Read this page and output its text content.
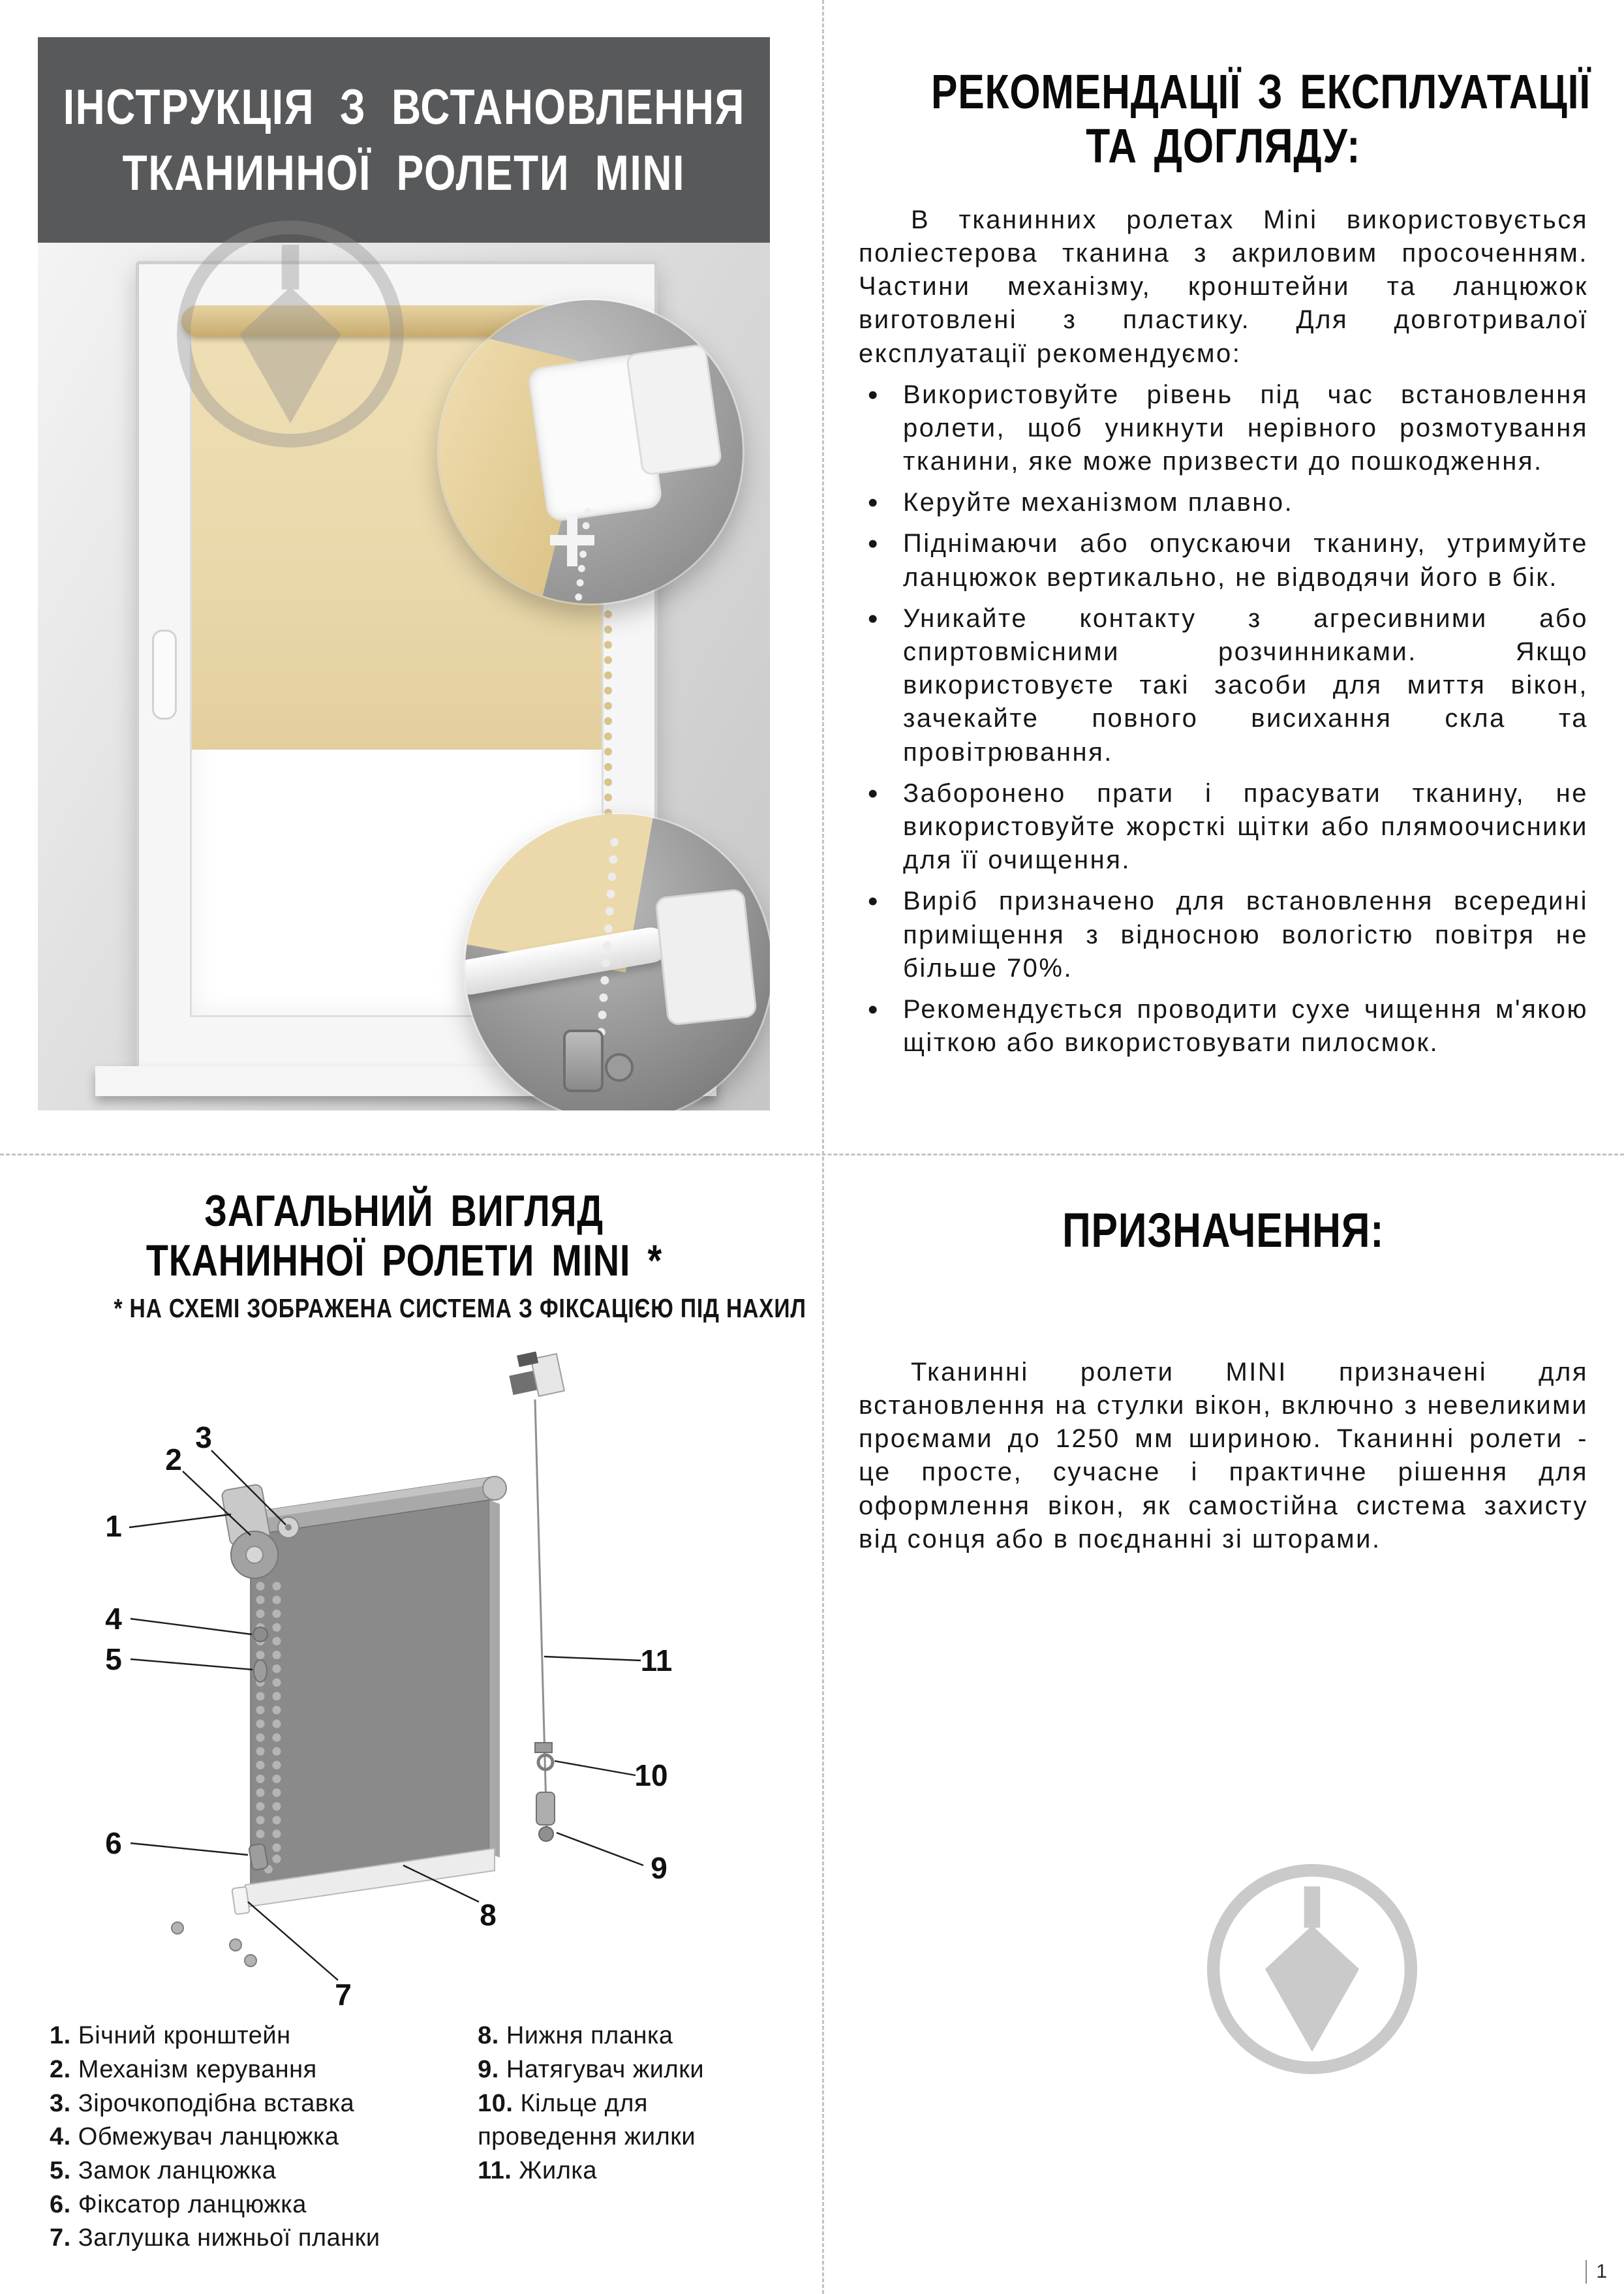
ІНСТРУКЦІЯ З ВСТАНОВЛЕННЯ
ТКАНИННОЇ РОЛЕТИ MINI
РЕКОМЕНДАЦІЇ З ЕКСПЛУАТАЦІЇ
ТА ДОГЛЯДУ:

В тканинних ролетах Mini використовується поліестерова тканина з акриловим просоченням. Частини механізму, кронштейни та ланцюжок виготовлені з пластику. Для довготривалої експлуатації рекомендуємо:

• Використовуйте рівень під час встановлення ролети, щоб уникнути нерівного розмотування тканини, яке може призвести до пошкодження.
• Керуйте механізмом плавно.
• Піднімаючи або опускаючи тканину, утримуйте ланцюжок вертикально, не відводячи його в бік.
• Уникайте контакту з агресивними або спиртовмісними розчинниками. Якщо використовуєте такі засоби для миття вікон, зачекайте повного висихання скла та провітрювання.
• Заборонено прати і прасувати тканину, не використовуйте жорсткі щітки або плямоочисники для її очищення.
• Виріб призначено для встановлення всередині приміщення з відносною вологістю повітря не більше 70%.
• Рекомендується проводити сухе чищення м'якою щіткою або використовувати пилосмок.
ЗАГАЛЬНИЙ ВИГЛЯД
ТКАНИННОЇ РОЛЕТИ MINI *
* НА СХЕМІ ЗОБРАЖЕНА СИСТЕМА З ФІКСАЦІЄЮ ПІД НАХИЛ
1
2
3
4
5
6
7
8
9
10
11
1. Бічний кронштейн
2. Механізм керування
3. Зірочкоподібна вставка
4. Обмежувач ланцюжка
5. Замок ланцюжка
6. Фіксатор ланцюжка
7. Заглушка нижньої планки
8. Нижня планка
9. Натягувач жилки
10. Кільце для проведення жилки
11. Жилка
ПРИЗНАЧЕННЯ:

Тканинні ролети MINI призначені для встановлення на стулки вікон, включно з невеликими проємами до 1250 мм шириною. Тканинні ролети - це просте, сучасне і практичне рішення для оформлення вікон, як самостійна система захисту від сонця або в поєднанні зі шторами.

1
